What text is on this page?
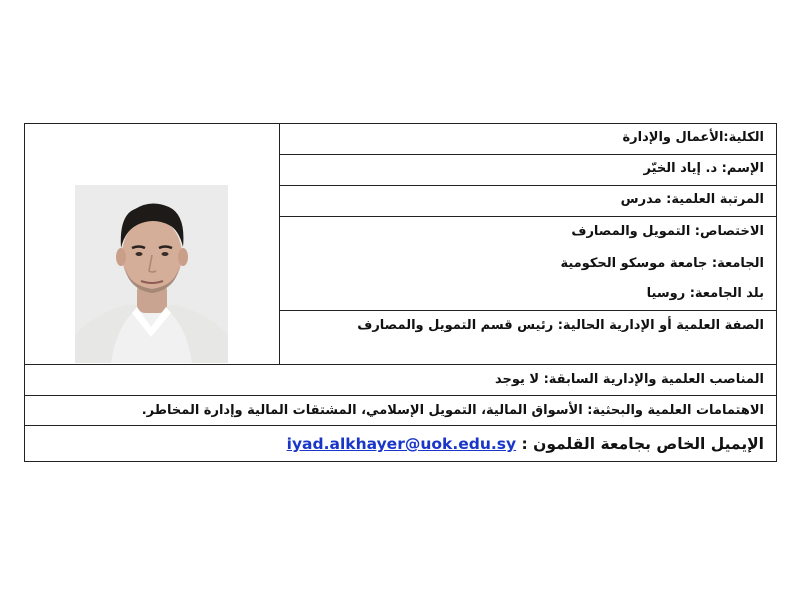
الكلية:الأعمال والإدارة
الإسم: د. إياد الخيّر
المرتبة العلمية: مدرس
الاختصاص: التمويل والمصارف
الجامعة: جامعة موسكو الحكومية
بلد الجامعة: روسيا
الصفة العلمية أو الإدارية الحالية: رئيس قسم التمويل والمصارف
المناصب العلمية والإدارية السابقة: لا يوجد
الاهتمامات العلمية والبحثية: الأسواق المالية، التمويل الإسلامي، المشتقات المالية وإدارة المخاطر.
الإيميل الخاص بجامعة القلمون : iyad.alkhayer@uok.edu.sy
